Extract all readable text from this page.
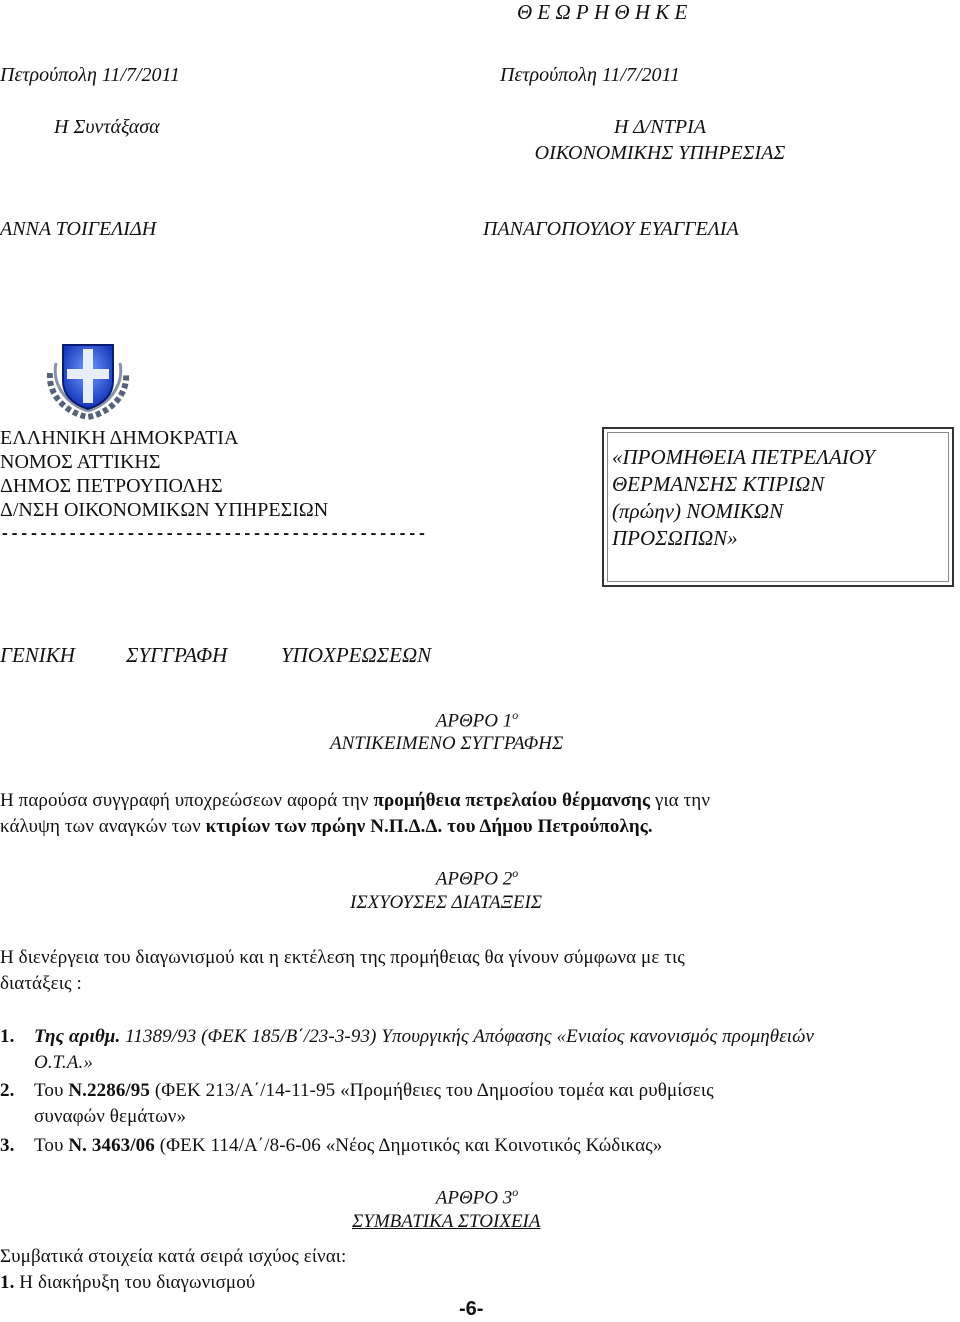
Θ Ε Ω Ρ Η Θ Η Κ Ε
Πετρούπολη 11/7/2011	Πετρούπολη 11/7/2011
Η Συντάξασα	Η Δ/ΝΤΡΙΑ
ΟΙΚΟΝΟΜΙΚΗΣ ΥΠΗΡΕΣΙΑΣ
ΑΝΝΑ ΤΟΙΓΕΛΙΔΗ	ΠΑΝΑΓΟΠΟΥΛΟΥ ΕΥΑΓΓΕΛΙΑ
ΕΛΛΗΝΙΚΗ ΔΗΜΟΚΡΑΤΙΑ
ΝΟΜΟΣ ΑΤΤΙΚΗΣ
ΔΗΜΟΣ ΠΕΤΡΟΥΠΟΛΗΣ
Δ/ΝΣΗ ΟΙΚΟΝΟΜΙΚΩΝ ΥΠΗΡΕΣΙΩΝ
--------------------------------------------
«ΠΡΟΜΗΘΕΙΑ ΠΕΤΡΕΛΑΙΟΥ
ΘΕΡΜΑΝΣΗΣ ΚΤΙΡΙΩΝ
(πρώην) ΝΟΜΙΚΩΝ
ΠΡΟΣΩΠΩΝ»
ΓΕΝΙΚΗ ΣΥΓΓΡΑΦΗ	ΥΠΟΧΡΕΩΣΕΩΝ
ΑΡΘΡΟ $1^o$
ΑΝΤΙΚΕΙΜΕΝΟ ΣΥΓΓΡΑΦΗΣ
Η παρούσα συγγραφή υποχρεώσεων αφορά την προμήθεια πετρελαίου θέρμανσης για την
κάλυψη των αναγκών των κτιρίων των πρώην Ν.Π.Δ.Δ. του Δήμου Πετρούπολης.
ΑΡΘΡΟ $2^o$
ΙΣΧΥΟΥΣΕΣ ΔΙΑΤΑΞΕΙΣ
Η διενέργεια του διαγωνισμού και η εκτέλεση της προμήθειας θα γίνουν σύμφωνα με τις
διατάξεις :
1. Της αριθμ. 11389/93 (ΦΕΚ 185/Β΄/23-3-93) Υπουργικής Απόφασης «Ενιαίος κανονισμός προμηθειών
Ο.Τ.Α.»
2. Του Ν.2286/95 (ΦΕΚ 213/Α΄/14-11-95 «Προμήθειες του Δημοσίου τομέα και ρυθμίσεις
συναφών θεμάτων»
3. Του Ν. 3463/06 (ΦΕΚ 114/Α΄/8-6-06 «Νέος Δημοτικός και Κοινοτικός Κώδικας»
ΑΡΘΡΟ $3^o$
ΣΥΜΒΑΤΙΚΑ ΣΤΟΙΧΕΙΑ
Συμβατικά στοιχεία κατά σειρά ισχύος είναι:
1. Η διακήρυξη του διαγωνισμού
-6-
